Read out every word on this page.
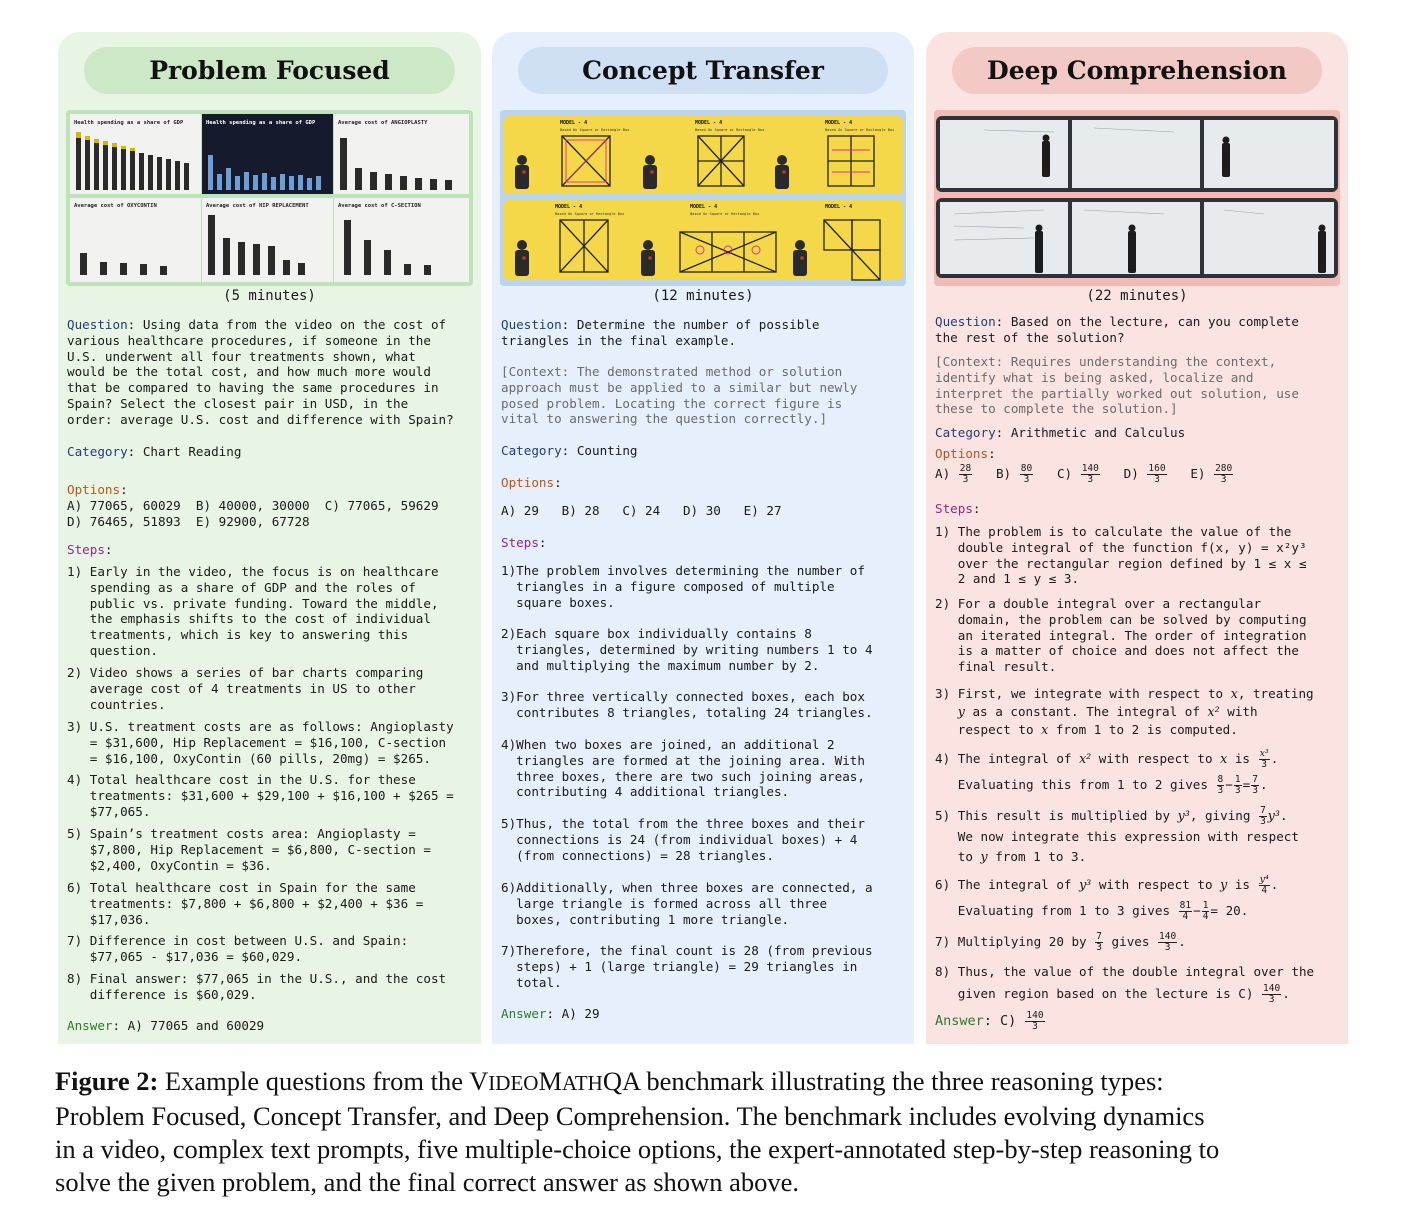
Problem Focused
Health spending as a share of GDP	Health spending as a share of GDP	Average cost of ANGIOPLASTY
Average cost of OXYCONTIN	Average cost of HIP REPLACEMENT	Average cost of C-SECTION
(5 minutes)
Question: Using data from the video on the cost of
various healthcare procedures, if someone in the
U.S. underwent all four treatments shown, what
would be the total cost, and how much more would
that be compared to having the same procedures in
Spain? Select the closest pair in USD, in the
order: average U.S. cost and difference with Spain?
Category: Chart Reading
Options:
A) 77065, 60029  B) 40000, 30000  C) 77065, 59629
D) 76465, 51893  E) 92900, 67728
Steps:
1) Early in the video, the focus is on healthcare
spending as a share of GDP and the roles of
public vs. private funding. Toward the middle,
the emphasis shifts to the cost of individual
treatments, which is key to answering this
question.
2) Video shows a series of bar charts comparing
average cost of 4 treatments in US to other
countries.
3) U.S. treatment costs are as follows: Angioplasty
= $31,600, Hip Replacement = $16,100, C-section
= $16,100, OxyContin (60 pills, 20mg) = $265.
4) Total healthcare cost in the U.S. for these
treatments: $31,600 + $29,100 + $16,100 + $265 =
$77,065.
5) Spain’s treatment costs area: Angioplasty =
$7,800, Hip Replacement = $6,800, C-section =
$2,400, OxyContin = $36.
6) Total healthcare cost in Spain for the same
treatments: $7,800 + $6,800 + $2,400 + $36 =
$17,036.
7) Difference in cost between U.S. and Spain:
$77,065 - $17,036 = $60,029.
8) Final answer: $77,065 in the U.S., and the cost
difference is $60,029.
Answer: A) 77065 and 60029
Concept Transfer
MODEL - 4	MODEL - 4	MODEL - 4
MODEL - 4	MODEL - 4	MODEL - 4
Based On Square or Rectangle Box	Based On Square or Rectangle Box	Based On Square or Rectangle Box
Based On Square or Rectangle Box	Based On Square or Rectangle Box
(12 minutes)
Question: Determine the number of possible
triangles in the final example.
[Context: The demonstrated method or solution
approach must be applied to a similar but newly
posed problem. Locating the correct figure is
vital to answering the question correctly.]
Category: Counting
Options:
A) 29   B) 28   C) 24   D) 30   E) 27
Steps:
1)The problem involves determining the number of
triangles in a figure composed of multiple
square boxes.
2)Each square box individually contains 8
triangles, determined by writing numbers 1 to 4
and multiplying the maximum number by 2.
3)For three vertically connected boxes, each box
contributes 8 triangles, totaling 24 triangles.
4)When two boxes are joined, an additional 2
triangles are formed at the joining area. With
three boxes, there are two such joining areas,
contributing 4 additional triangles.
5)Thus, the total from the three boxes and their
connections is 24 (from individual boxes) + 4
(from connections) = 28 triangles.
6)Additionally, when three boxes are connected, a
large triangle is formed across all three
boxes, contributing 1 more triangle.
7)Therefore, the final count is 28 (from previous
steps) + 1 (large triangle) = 29 triangles in
total.
Answer: A) 29
Deep Comprehension
(22 minutes)
Question: Based on the lecture, can you complete
the rest of the solution?
[Context: Requires understanding the context,
identify what is being asked, localize and
interpret the partially worked out solution, use
these to complete the solution.]
Category: Arithmetic and Calculus
Options:
$A) \frac{28}{3} B) \frac{80}{3} C) \frac{140}{3} D) \frac{160}{3} E) \frac{280}{3}$
Steps:
1) The problem is to calculate the value of the
double integral of the function f(x, y) = x²y³
over the rectangular region defined by 1 ≤ x ≤
2 and 1 ≤ y ≤ 3.
2) For a double integral over a rectangular
domain, the problem can be solved by computing
an iterated integral. The order of integration
is a matter of choice and does not affect the
final result.
3) First, we integrate with respect to x, treating
y as a constant. The integral of x² with
respect to x from 1 to 2 is computed.
4) The integral of x² with respect to x is $\frac{\text{x³}}{3}$ .
Evaluating this from 1 to 2 gives $\frac{8}{3} - \frac{1}{3} = \frac{7}{3}$ .
5) This result is multiplied by y³, giving $\frac{7}{3} y^3$.
We now integrate this expression with respect
to y from 1 to 3.
6) The integral of y³ with respect to y is $\frac{\text{y⁴}}{4}$ .
Evaluating from 1 to 3 gives $\frac{81}{4} - \frac{1}{4} = 20$.
7) Multiplying 20 by $\frac{7}{3}$ gives $\frac{140}{3}$ .
8) Thus, the value of the double integral over the
given region based on the lecture is $C) \frac{140}{3}$ .
Answer: $C) \frac{140}{3}$
Figure 2: Example questions from the VIDEOMATHQA benchmark illustrating the three reasoning types:
Problem Focused, Concept Transfer, and Deep Comprehension. The benchmark includes evolving dynamics
in a video, complex text prompts, five multiple-choice options, the expert-annotated step-by-step reasoning to
solve the given problem, and the final correct answer as shown above.
